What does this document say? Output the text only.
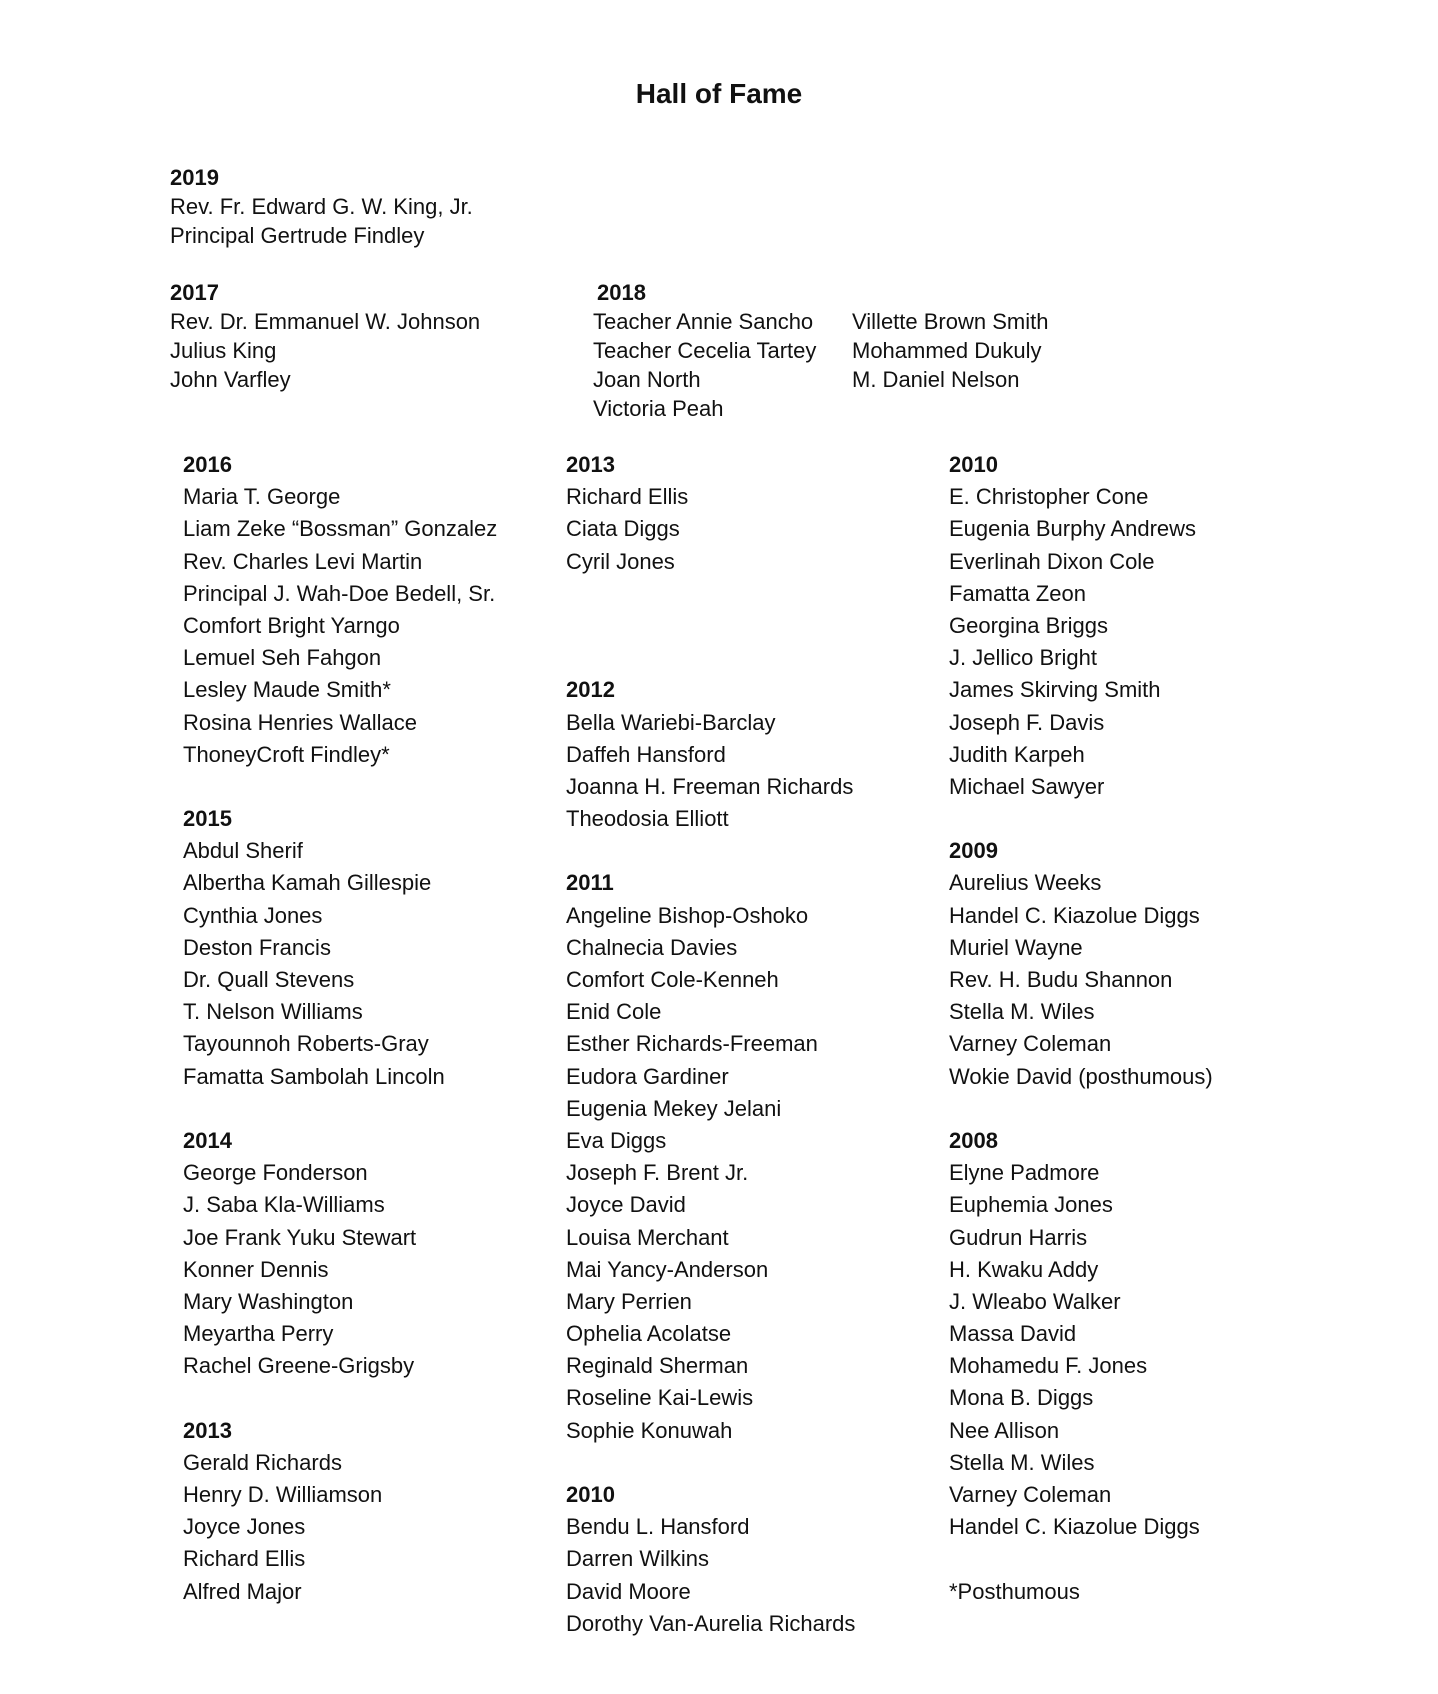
Hall of Fame
2019
Rev. Fr. Edward G. W. King, Jr.
Principal Gertrude Findley
2017
Rev. Dr. Emmanuel W. Johnson
Julius King
John Varfley
2018
Teacher Annie Sancho
Teacher Cecelia Tartey
Joan North
Victoria Peah
Villette Brown Smith
Mohammed Dukuly
M. Daniel Nelson
2016
Maria T. George
Liam Zeke “Bossman” Gonzalez
Rev. Charles Levi Martin
Principal J. Wah-Doe Bedell, Sr.
Comfort Bright Yarngo
Lemuel Seh Fahgon
Lesley Maude Smith*
Rosina Henries Wallace
ThoneyCroft Findley*
2015
Abdul Sherif
Albertha Kamah Gillespie
Cynthia Jones
Deston Francis
Dr. Quall Stevens
T. Nelson Williams
Tayounnoh Roberts-Gray
Famatta Sambolah Lincoln
2014
George Fonderson
J. Saba Kla-Williams
Joe Frank Yuku Stewart
Konner Dennis
Mary Washington
Meyartha Perry
Rachel Greene-Grigsby
2013
Gerald Richards
Henry D. Williamson
Joyce Jones
Richard Ellis
Alfred Major
2013
Richard Ellis
Ciata Diggs
Cyril Jones
2012
Bella Wariebi-Barclay
Daffeh Hansford
Joanna H. Freeman Richards
Theodosia Elliott
2011
Angeline Bishop-Oshoko
Chalnecia Davies
Comfort Cole-Kenneh
Enid Cole
Esther Richards-Freeman
Eudora Gardiner
Eugenia Mekey Jelani
Eva Diggs
Joseph F. Brent Jr.
Joyce David
Louisa Merchant
Mai Yancy-Anderson
Mary Perrien
Ophelia Acolatse
Reginald Sherman
Roseline Kai-Lewis
Sophie Konuwah
2010
Bendu L. Hansford
Darren Wilkins
David Moore
Dorothy Van-Aurelia Richards
2010
E. Christopher Cone
Eugenia Burphy Andrews
Everlinah Dixon Cole
Famatta Zeon
Georgina Briggs
J. Jellico Bright
James Skirving Smith
Joseph F. Davis
Judith Karpeh
Michael Sawyer
2009
Aurelius Weeks
Handel C. Kiazolue Diggs
Muriel Wayne
Rev. H. Budu Shannon
Stella M. Wiles
Varney Coleman
Wokie David (posthumous)
2008
Elyne Padmore
Euphemia Jones
Gudrun Harris
H. Kwaku Addy
J. Wleabo Walker
Massa David
Mohamedu F. Jones
Mona B. Diggs
Nee Allison
Stella M. Wiles
Varney Coleman
Handel C. Kiazolue Diggs
*Posthumous
